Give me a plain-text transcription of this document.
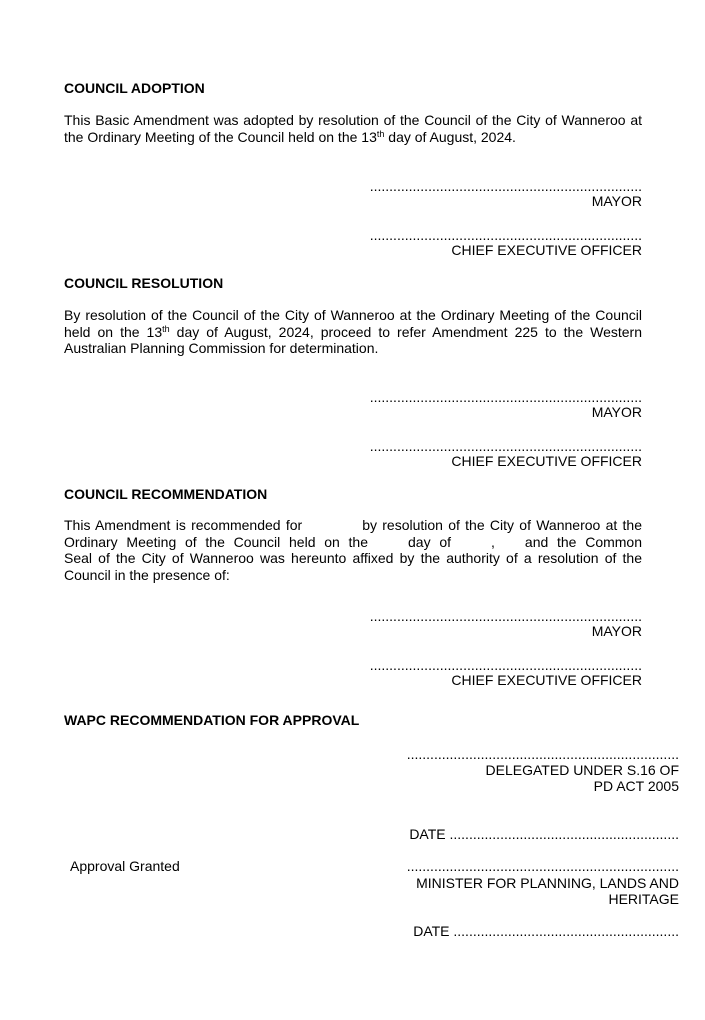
COUNCIL ADOPTION
This Basic Amendment was adopted by resolution of the Council of the City of Wanneroo at
the Ordinary Meeting of the Council held on the 13th day of August, 2024.
......................................................................
MAYOR
......................................................................
CHIEF EXECUTIVE OFFICER
COUNCIL RESOLUTION
By resolution of the Council of the City of Wanneroo at the Ordinary Meeting of the Council
held on the 13th day of August, 2024, proceed to refer Amendment 225 to the Western
Australian Planning Commission for determination.
......................................................................
MAYOR
......................................................................
CHIEF EXECUTIVE OFFICER
COUNCIL RECOMMENDATION
This Amendment is recommended for	by resolution of the City of Wanneroo at the
Ordinary Meeting of the Council held on the	day of	, and the Common
Seal of the City of Wanneroo was hereunto affixed by the authority of a resolution of the
Council in the presence of:
......................................................................
MAYOR
......................................................................
CHIEF EXECUTIVE OFFICER
WAPC RECOMMENDATION FOR APPROVAL
......................................................................
DELEGATED UNDER S.16 OF
PD ACT 2005
DATE ...........................................................
Approval Granted	......................................................................
MINISTER FOR PLANNING, LANDS AND
HERITAGE
DATE ..........................................................
